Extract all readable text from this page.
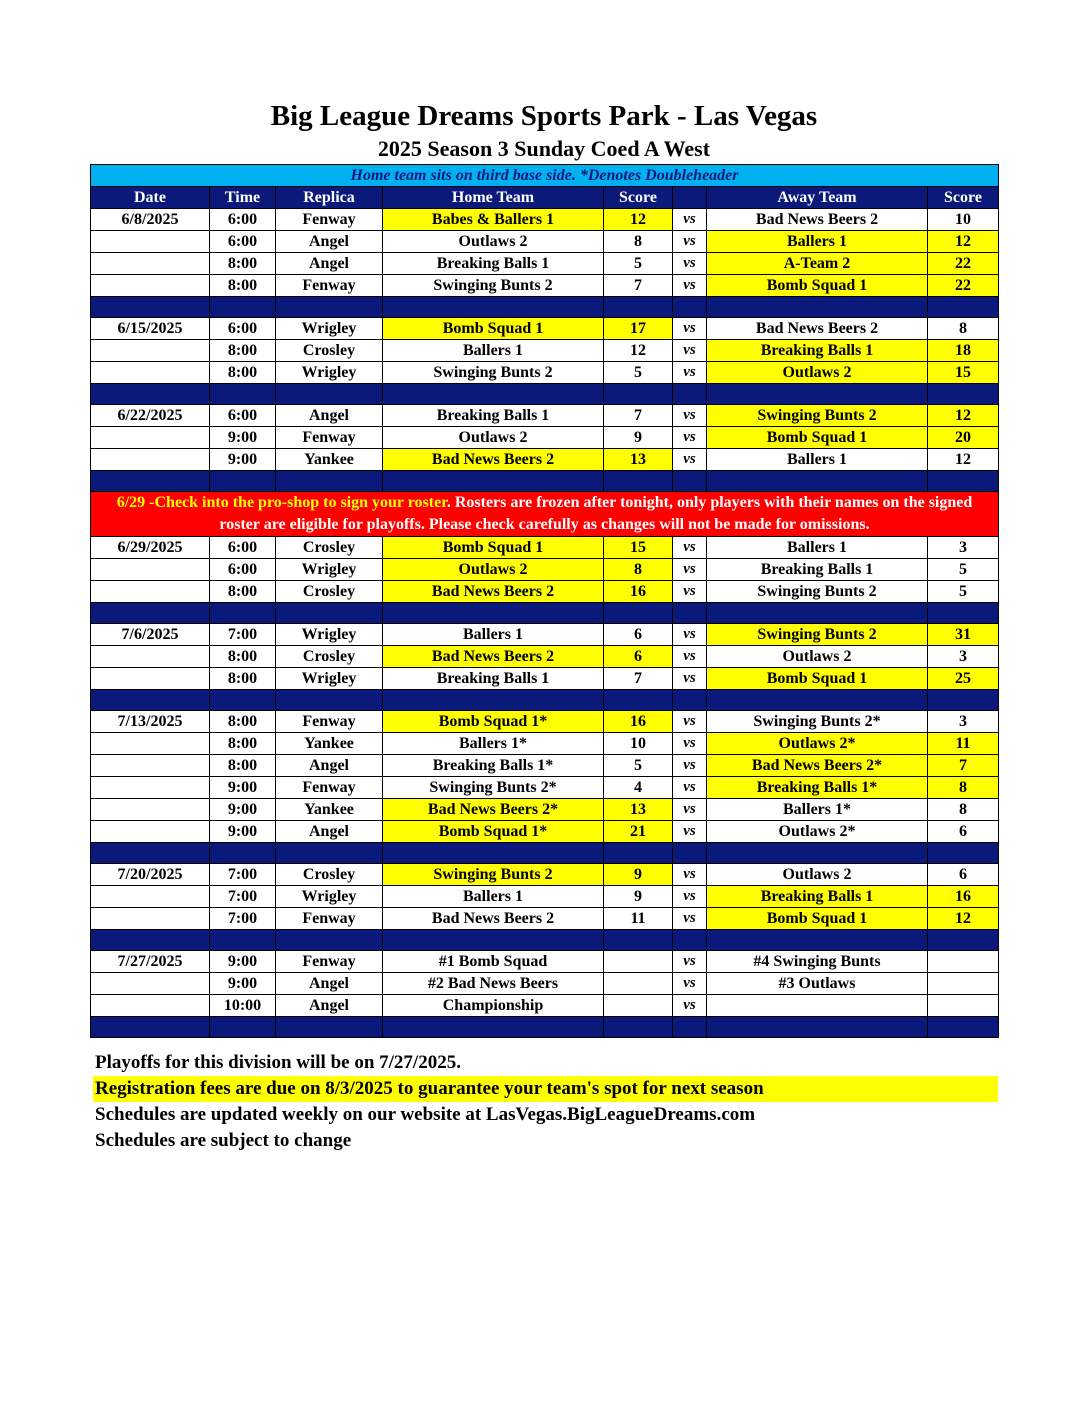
Big League Dreams Sports Park - Las Vegas
2025 Season 3 Sunday Coed A West
Home team sits on third base side. *Denotes Doubleheader							
Date	Time	Replica	Home Team	Score		Away Team	Score
6/8/2025	6:00	Fenway	Babes & Ballers 1	12	vs	Bad News Beers 2	10
	6:00	Angel	Outlaws 2	8	vs	Ballers 1	12
	8:00	Angel	Breaking Balls 1	5	vs	A-Team 2	22
	8:00	Fenway	Swinging Bunts 2	7	vs	Bomb Squad 1	22

6/15/2025	6:00	Wrigley	Bomb Squad 1	17	vs	Bad News Beers 2	8
	8:00	Crosley	Ballers 1	12	vs	Breaking Balls 1	18
	8:00	Wrigley	Swinging Bunts 2	5	vs	Outlaws 2	15

6/22/2025	6:00	Angel	Breaking Balls 1	7	vs	Swinging Bunts 2	12
	9:00	Fenway	Outlaws 2	9	vs	Bomb Squad 1	20
	9:00	Yankee	Bad News Beers 2	13	vs	Ballers 1	12

6/29 -Check into the pro-shop to sign your roster. Rosters are frozen after tonight, only players with their names on the signed roster are eligible for playoffs. Please check carefully as changes will not be made for omissions.							
6/29/2025	6:00	Crosley	Bomb Squad 1	15	vs	Ballers 1	3
	6:00	Wrigley	Outlaws 2	8	vs	Breaking Balls 1	5
	8:00	Crosley	Bad News Beers 2	16	vs	Swinging Bunts 2	5

7/6/2025	7:00	Wrigley	Ballers 1	6	vs	Swinging Bunts 2	31
	8:00	Crosley	Bad News Beers 2	6	vs	Outlaws 2	3
	8:00	Wrigley	Breaking Balls 1	7	vs	Bomb Squad 1	25

7/13/2025	8:00	Fenway	Bomb Squad 1*	16	vs	Swinging Bunts 2*	3
	8:00	Yankee	Ballers 1*	10	vs	Outlaws 2*	11
	8:00	Angel	Breaking Balls 1*	5	vs	Bad News Beers 2*	7
	9:00	Fenway	Swinging Bunts 2*	4	vs	Breaking Balls 1*	8
	9:00	Yankee	Bad News Beers 2*	13	vs	Ballers 1*	8
	9:00	Angel	Bomb Squad 1*	21	vs	Outlaws 2*	6

7/20/2025	7:00	Crosley	Swinging Bunts 2	9	vs	Outlaws 2	6
	7:00	Wrigley	Ballers 1	9	vs	Breaking Balls 1	16
	7:00	Fenway	Bad News Beers 2	11	vs	Bomb Squad 1	12

7/27/2025	9:00	Fenway	#1 Bomb Squad		vs	#4 Swinging Bunts	
	9:00	Angel	#2 Bad News Beers		vs	#3 Outlaws	
	10:00	Angel	Championship		vs		

Playoffs for this division will be on 7/27/2025.
Registration fees are due on 8/3/2025 to guarantee your team's spot for next season
Schedules are updated weekly on our website at LasVegas.BigLeagueDreams.com
Schedules are subject to change
